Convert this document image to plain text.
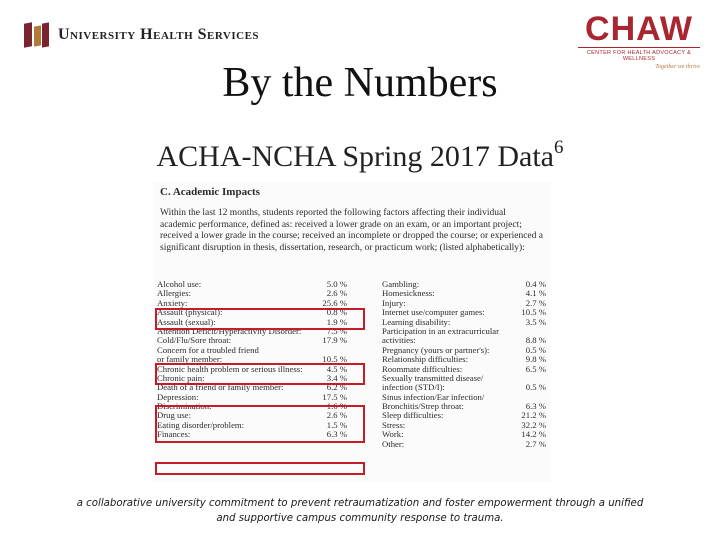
University Health Services	CHAW
CENTER FOR HEALTH ADVOCACY & WELLNESS
Together we thrive
By the Numbers
ACHA-NCHA Spring 2017 Data$^6$
C. Academic Impacts
Within the last 12 months, students reported the following factors affecting their individual academic performance, defined as: received a lower grade on an exam, or an important project; received a lower grade in the course; received an incomplete or dropped the course; or experienced a significant disruption in thesis, dissertation, research, or practicum work; (listed alphabetically):
Alcohol use:	5.0 %
Allergies:	2.6 %
Anxiety:	25.6 %
Assault (physical):	0.8 %
Assault (sexual):	1.9 %
Attention Deficit/Hyperactivity Disorder:	7.5 %
Cold/Flu/Sore throat:	17.9 %
Concern for a troubled friend
or family member:	10.5 %
Chronic health problem or serious illness:	4.5 %
Chronic pain:	3.4 %
Death of a friend or family member:	6.2 %
Depression:	17.5 %
Discrimination:	1.6 %
Drug use:	2.6 %
Eating disorder/problem:	1.5 %
Finances:	6.3 %
Gambling:	0.4 %
Homesickness:	4.1 %
Injury:	2.7 %
Internet use/computer games:	10.5 %
Learning disability:	3.5 %
Participation in an extracurricular
activities:	8.8 %
Pregnancy (yours or partner's):	0.5 %
Relationship difficulties:	9.8 %
Roommate difficulties:	6.5 %
Sexually transmitted disease/
infection (STD/I):	0.5 %
Sinus infection/Ear infection/
Bronchitis/Strep throat:	6.3 %
Sleep difficulties:	21.2 %
Stress:	32.2 %
Work:	14.2 %
Other:	2.7 %
a collaborative university commitment to prevent retraumatization and foster empowerment through a unified and supportive campus community response to trauma.
